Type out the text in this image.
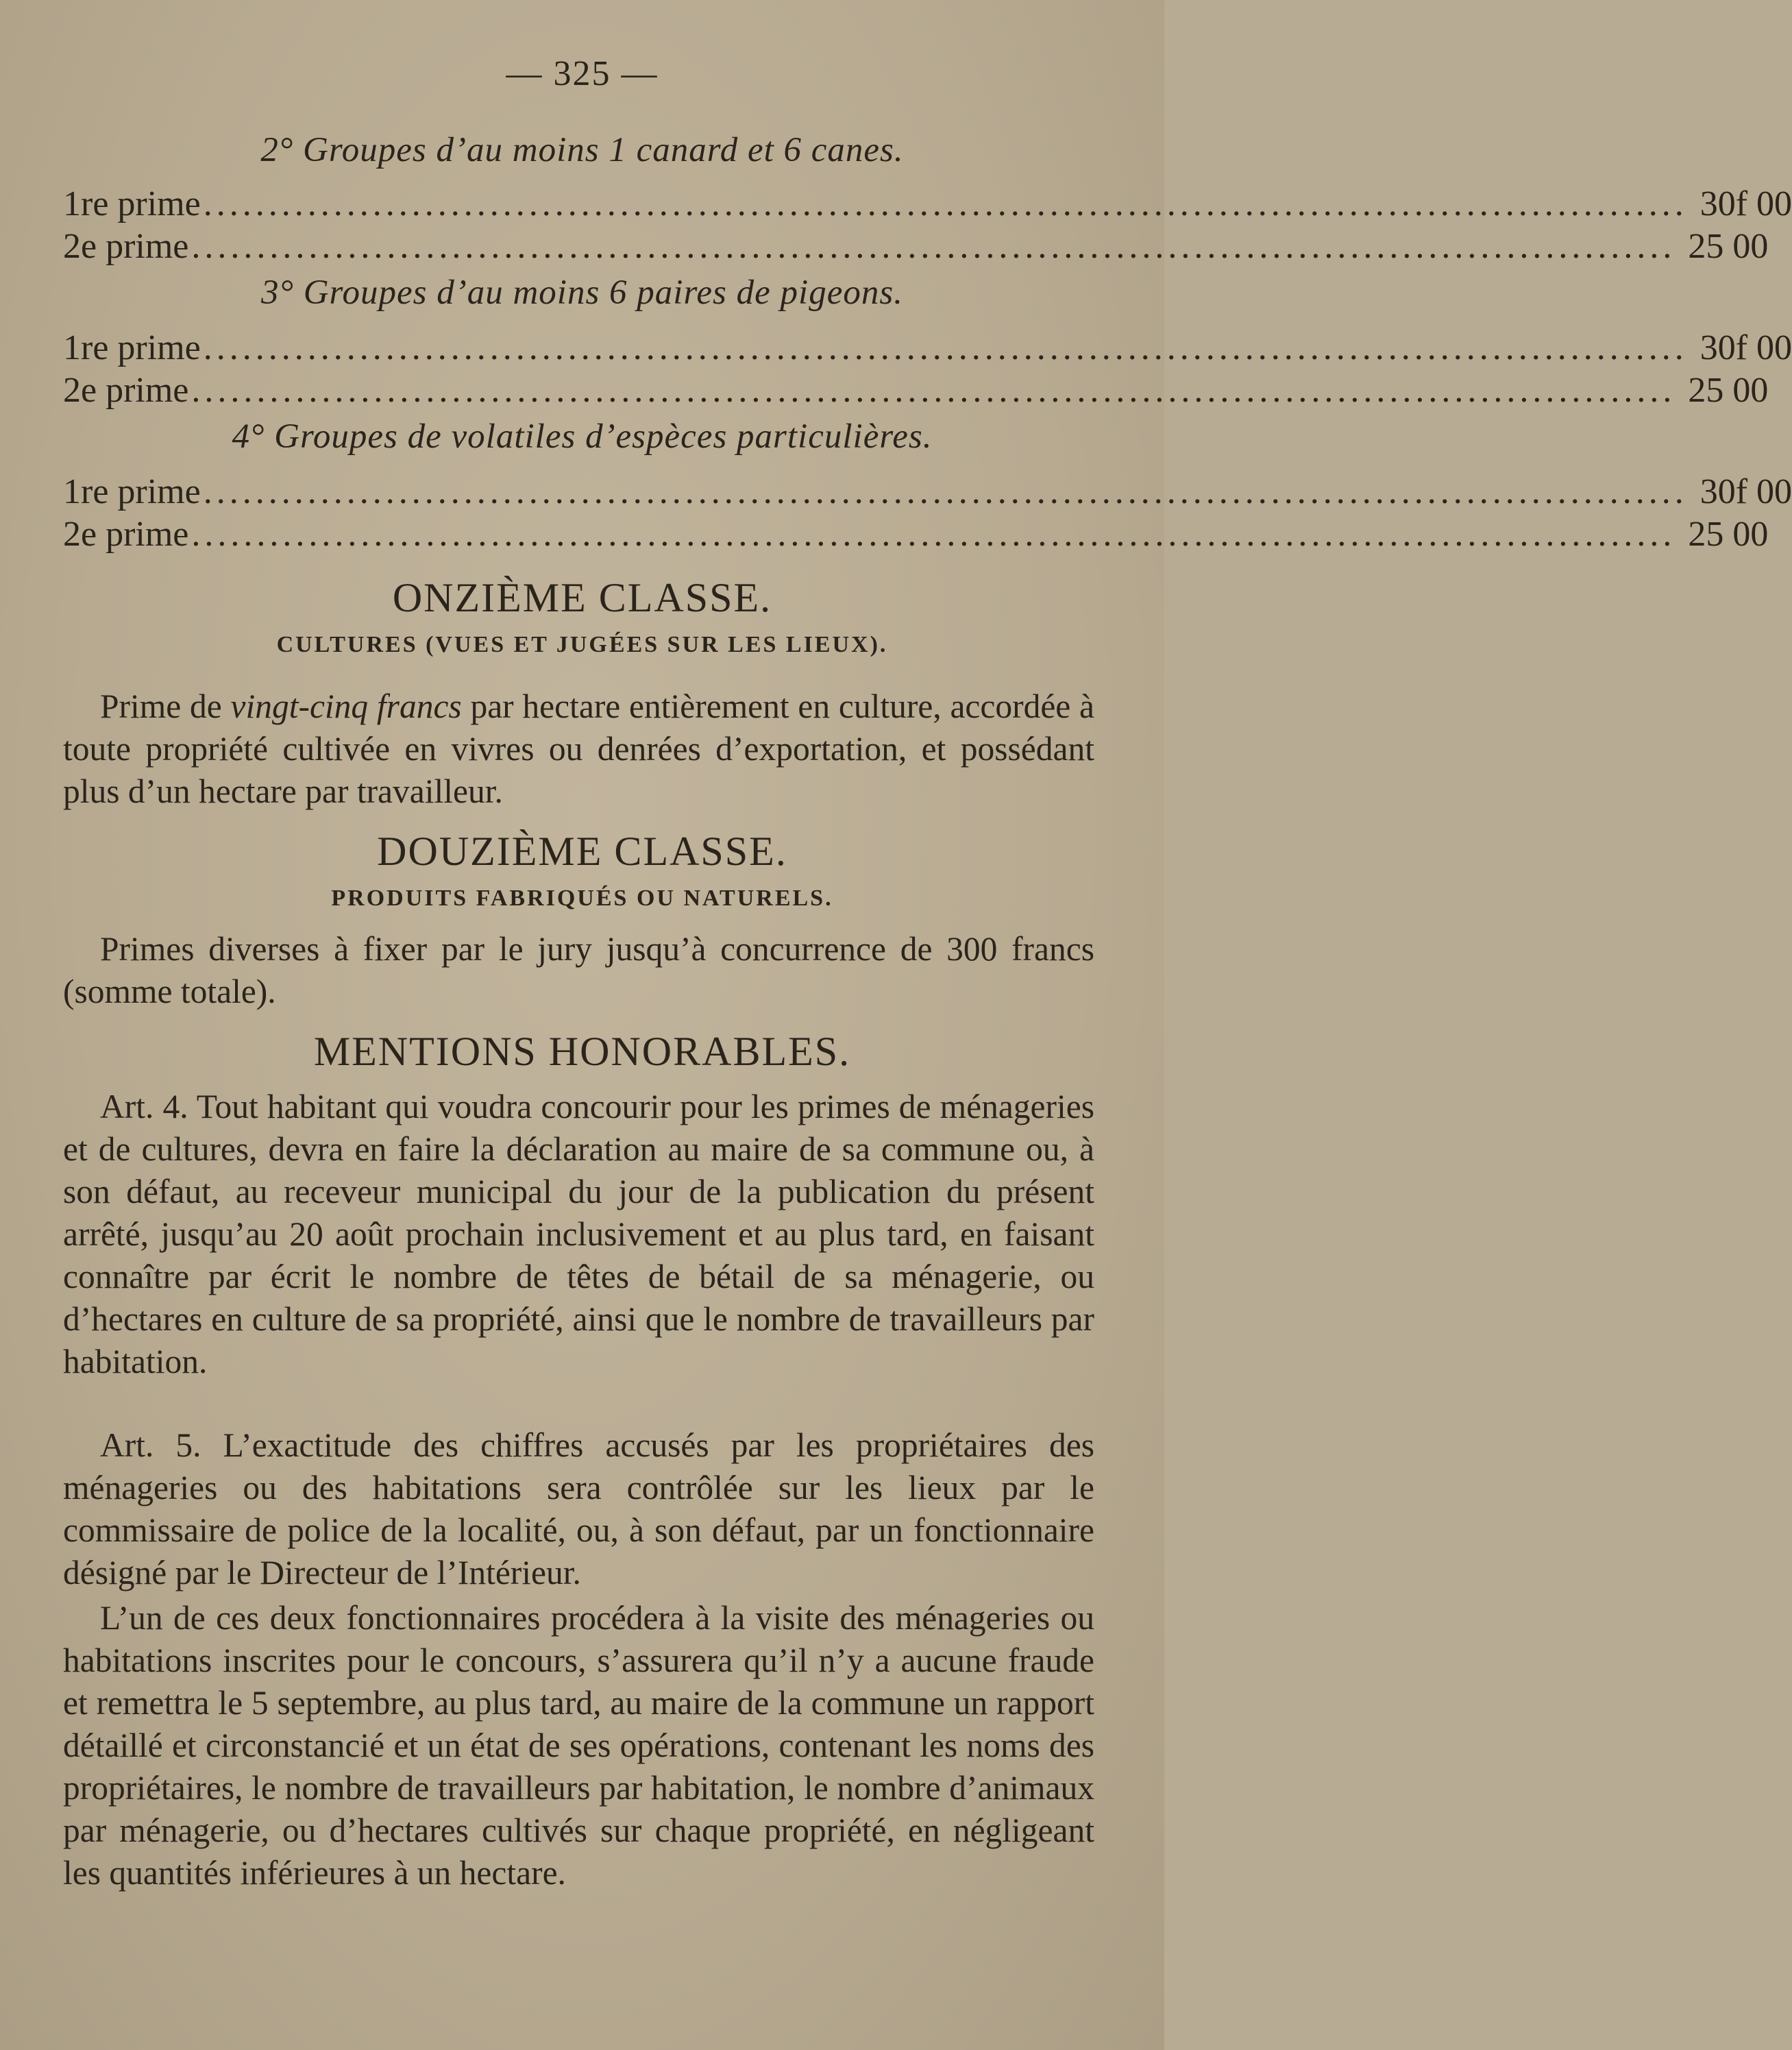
— 325 —
2° Groupes d’au moins 1 canard et 6 canes.
1re prime .................................................................................................................. 30f 00
2e prime .................................................................................................................. 25 00
3° Groupes d’au moins 6 paires de pigeons.
1re prime .................................................................................................................. 30f 00
2e prime .................................................................................................................. 25 00
4° Groupes de volatiles d’espèces particulières.
1re prime .................................................................................................................. 30f 00
2e prime .................................................................................................................. 25 00
ONZIÈME CLASSE.
CULTURES (VUES ET JUGÉES SUR LES LIEUX).

Prime de vingt-cinq francs par hectare entièrement en culture, accordée à toute propriété cultivée en vivres ou denrées d’exportation, et possédant plus d’un hectare par travailleur.

DOUZIÈME CLASSE.
PRODUITS FABRIQUÉS OU NATURELS.

Primes diverses à fixer par le jury jusqu’à concurrence de 300 francs (somme totale).

MENTIONS HONORABLES.

Art. 4. Tout habitant qui voudra concourir pour les primes de ménageries et de cultures, devra en faire la déclaration au maire de sa commune ou, à son défaut, au receveur municipal du jour de la publication du présent arrêté, jusqu’au 20 août prochain inclusivement et au plus tard, en faisant connaître par écrit le nombre de têtes de bétail de sa ménagerie, ou d’hectares en culture de sa propriété, ainsi que le nombre de travailleurs par habitation.

Art. 5. L’exactitude des chiffres accusés par les propriétaires des ménageries ou des habitations sera contrôlée sur les lieux par le commissaire de police de la localité, ou, à son défaut, par un fonctionnaire désigné par le Directeur de l’Intérieur.

L’un de ces deux fonctionnaires procédera à la visite des ménageries ou habitations inscrites pour le concours, s’assurera qu’il n’y a aucune fraude et remettra le 5 septembre, au plus tard, au maire de la commune un rapport détaillé et circonstancié et un état de ses opérations, contenant les noms des propriétaires, le nombre de travailleurs par habitation, le nombre d’animaux par ménagerie, ou d’hectares cultivés sur chaque propriété, en négligeant les quantités inférieures à un hectare.
